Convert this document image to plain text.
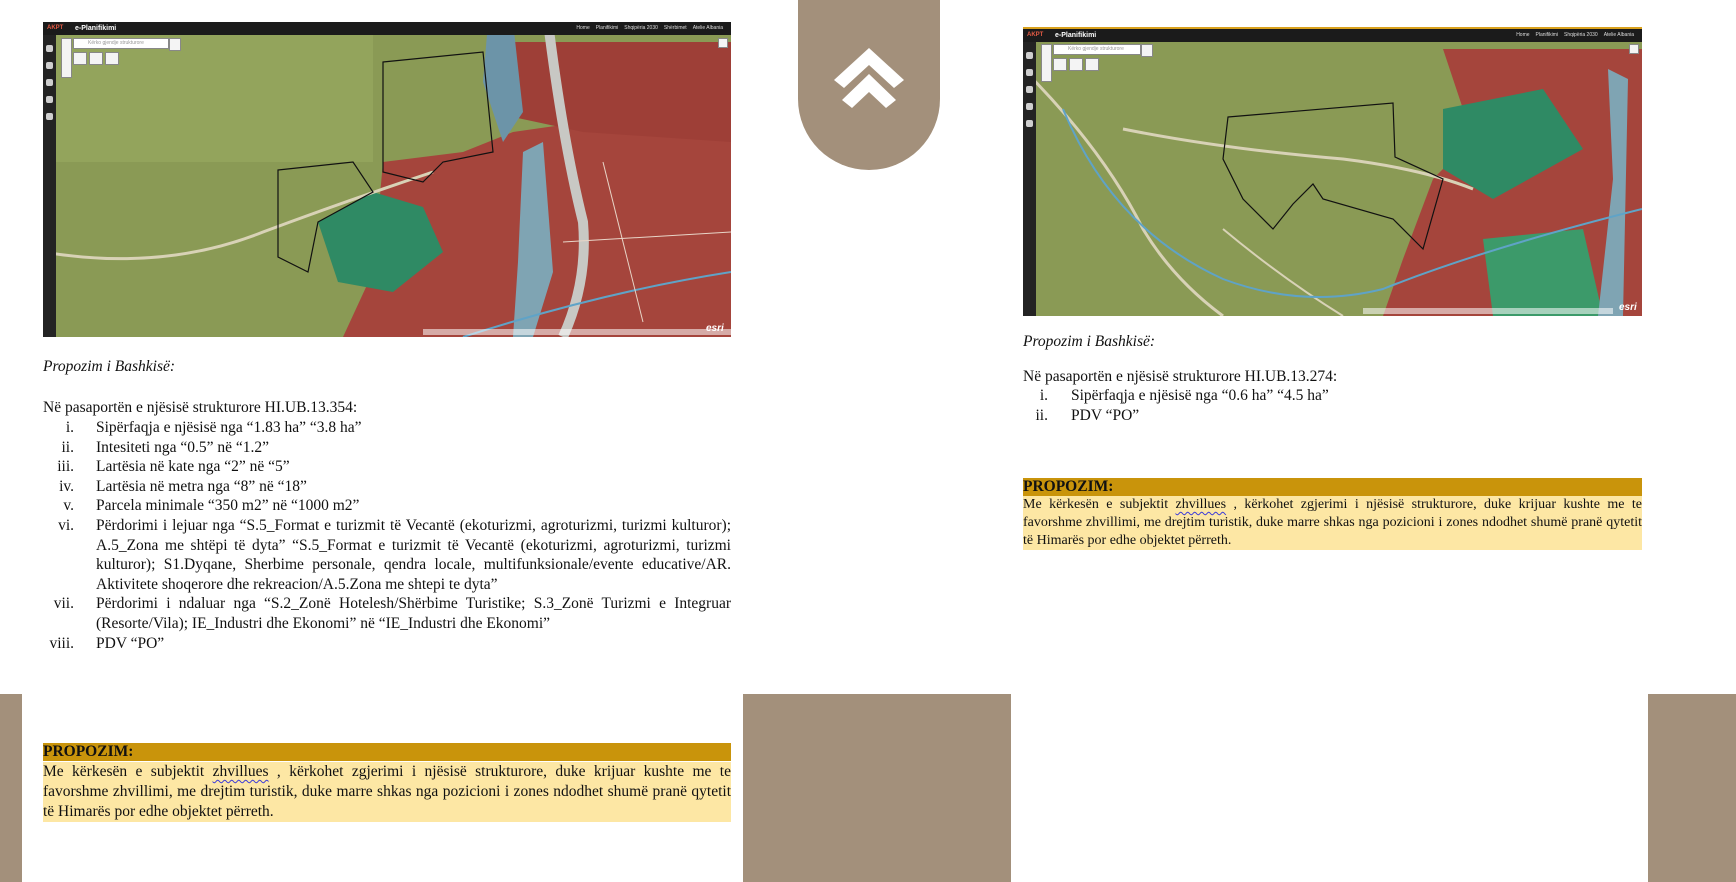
AKPT e-Planifikimi	Home Planifikimi Shqipëria 2030 Shërbimet Atelie Albania
Kërko gjendje strukturore
esri
AKPT e-Planifikimi	Home Planifikimi Shqipëria 2030 Atelie Albania
Kërko gjendje strukturore
esri
Propozim i Bashkisë:
Në pasaportën e njësisë strukturore HI.UB.13.354:
i. Sipërfaqja e njësisë nga “1.83 ha” “3.8 ha”
ii. Intesiteti nga “0.5” në “1.2”
iii. Lartësia në kate nga “2” në “5”
iv. Lartësia në metra nga “8” në “18”
v. Parcela minimale “350 m2” në “1000 m2”
vi. Përdorimi i lejuar nga “S.5_Format e turizmit të Vecantë (ekoturizmi, agroturizmi, turizmi kulturor); A.5_Zona me shtëpi të dyta” “S.5_Format e turizmit të Vecantë (ekoturizmi, agroturizmi, turizmi kulturor); S1.Dyqane, Sherbime personale, qendra locale, multifunksionale/evente educative/AR. Aktivitete shoqerore dhe rekreacion/A.5.Zona me shtepi te dyta”
vii. Përdorimi i ndaluar nga “S.2_Zonë Hotelesh/Shërbime Turistike; S.3_Zonë Turizmi e Integruar (Resorte/Vila); IE_Industri dhe Ekonomi” në “IE_Industri dhe Ekonomi”
viii. PDV “PO”
PROPOZIM:
Me kërkesën e subjektit zhvillues , kërkohet zgjerimi i njësisë strukturore, duke krijuar kushte me te favorshme zhvillimi, me drejtim turistik, duke marre shkas nga pozicioni i zones ndodhet shumë pranë qytetit të Himarës por edhe objektet përreth.
Propozim i Bashkisë:
Në pasaportën e njësisë strukturore HI.UB.13.274:
i. Sipërfaqja e njësisë nga “0.6 ha” “4.5 ha”
ii. PDV “PO”
PROPOZIM:
Me kërkesën e subjektit zhvillues , kërkohet zgjerimi i njësisë strukturore, duke krijuar kushte me te favorshme zhvillimi, me drejtim turistik, duke marre shkas nga pozicioni i zones ndodhet shumë pranë qytetit të Himarës por edhe objektet përreth.
